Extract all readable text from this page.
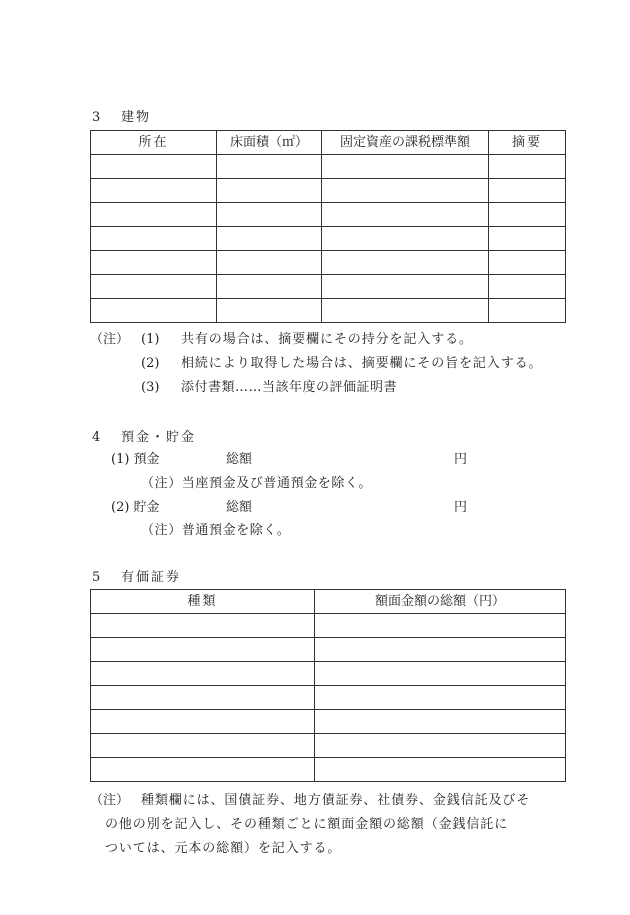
3 建物
所在	床面積（㎡）	固定資産の課税標準額	摘要

（注） (1) 共有の場合は、摘要欄にその持分を記入する。
(2) 相続により取得した場合は、摘要欄にその旨を記入する。
(3) 添付書類……当該年度の評価証明書
4 預金・貯金
(1) 預金	総額	円
（注）当座預金及び普通預金を除く。
(2) 貯金	総額	円
（注）普通預金を除く。
5 有価証券
種類	額面金額の総額（円）

（注） 種類欄には、国債証券、地方債証券、社債券、金銭信託及びそ
の他の別を記入し、その種類ごとに額面金額の総額（金銭信託に
ついては、元本の総額）を記入する。
